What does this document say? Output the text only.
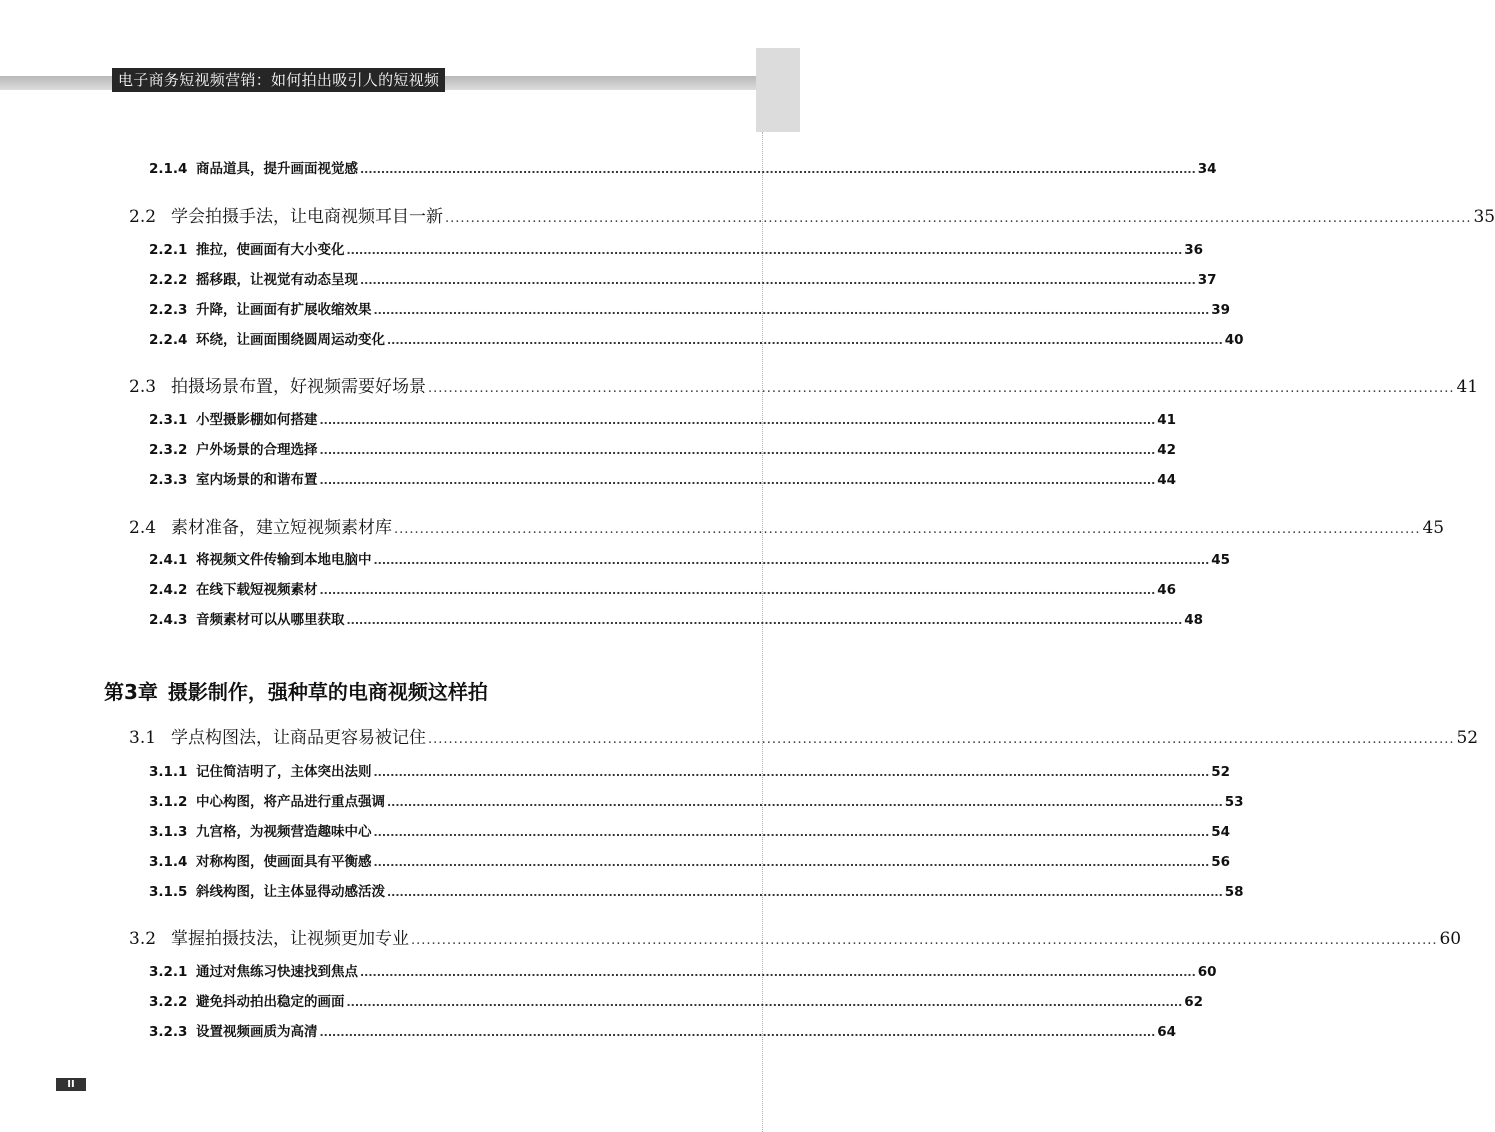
电子商务短视频营销：如何拍出吸引人的短视频
2.1.4 商品道具，提升画面视觉感 ........................................................................................................................................................................................................ 34
2.2 学会拍摄手法，让电商视频耳目一新 ........................................................................................................................................................................................................ 35
2.2.1 推拉，使画面有大小变化 ........................................................................................................................................................................................................ 36
2.2.2 摇移跟，让视觉有动态呈现 ........................................................................................................................................................................................................ 37
2.2.3 升降，让画面有扩展收缩效果 ........................................................................................................................................................................................................ 39
2.2.4 环绕，让画面围绕圆周运动变化 ........................................................................................................................................................................................................ 40
2.3 拍摄场景布置，好视频需要好场景 ........................................................................................................................................................................................................ 41
2.3.1 小型摄影棚如何搭建 ........................................................................................................................................................................................................ 41
2.3.2 户外场景的合理选择 ........................................................................................................................................................................................................ 42
2.3.3 室内场景的和谐布置 ........................................................................................................................................................................................................ 44
2.4 素材准备，建立短视频素材库 ........................................................................................................................................................................................................ 45
2.4.1 将视频文件传输到本地电脑中 ........................................................................................................................................................................................................ 45
2.4.2 在线下载短视频素材 ........................................................................................................................................................................................................ 46
2.4.3 音频素材可以从哪里获取 ........................................................................................................................................................................................................ 48
第3章 摄影制作，强种草的电商视频这样拍
3.1 学点构图法，让商品更容易被记住 ........................................................................................................................................................................................................ 52
3.1.1 记住简洁明了，主体突出法则 ........................................................................................................................................................................................................ 52
3.1.2 中心构图，将产品进行重点强调 ........................................................................................................................................................................................................ 53
3.1.3 九宫格，为视频营造趣味中心 ........................................................................................................................................................................................................ 54
3.1.4 对称构图，使画面具有平衡感 ........................................................................................................................................................................................................ 56
3.1.5 斜线构图，让主体显得动感活泼 ........................................................................................................................................................................................................ 58
3.2 掌握拍摄技法，让视频更加专业 ........................................................................................................................................................................................................ 60
3.2.1 通过对焦练习快速找到焦点 ........................................................................................................................................................................................................ 60
3.2.2 避免抖动拍出稳定的画面 ........................................................................................................................................................................................................ 62
3.2.3 设置视频画质为高清 ........................................................................................................................................................................................................ 64
II
